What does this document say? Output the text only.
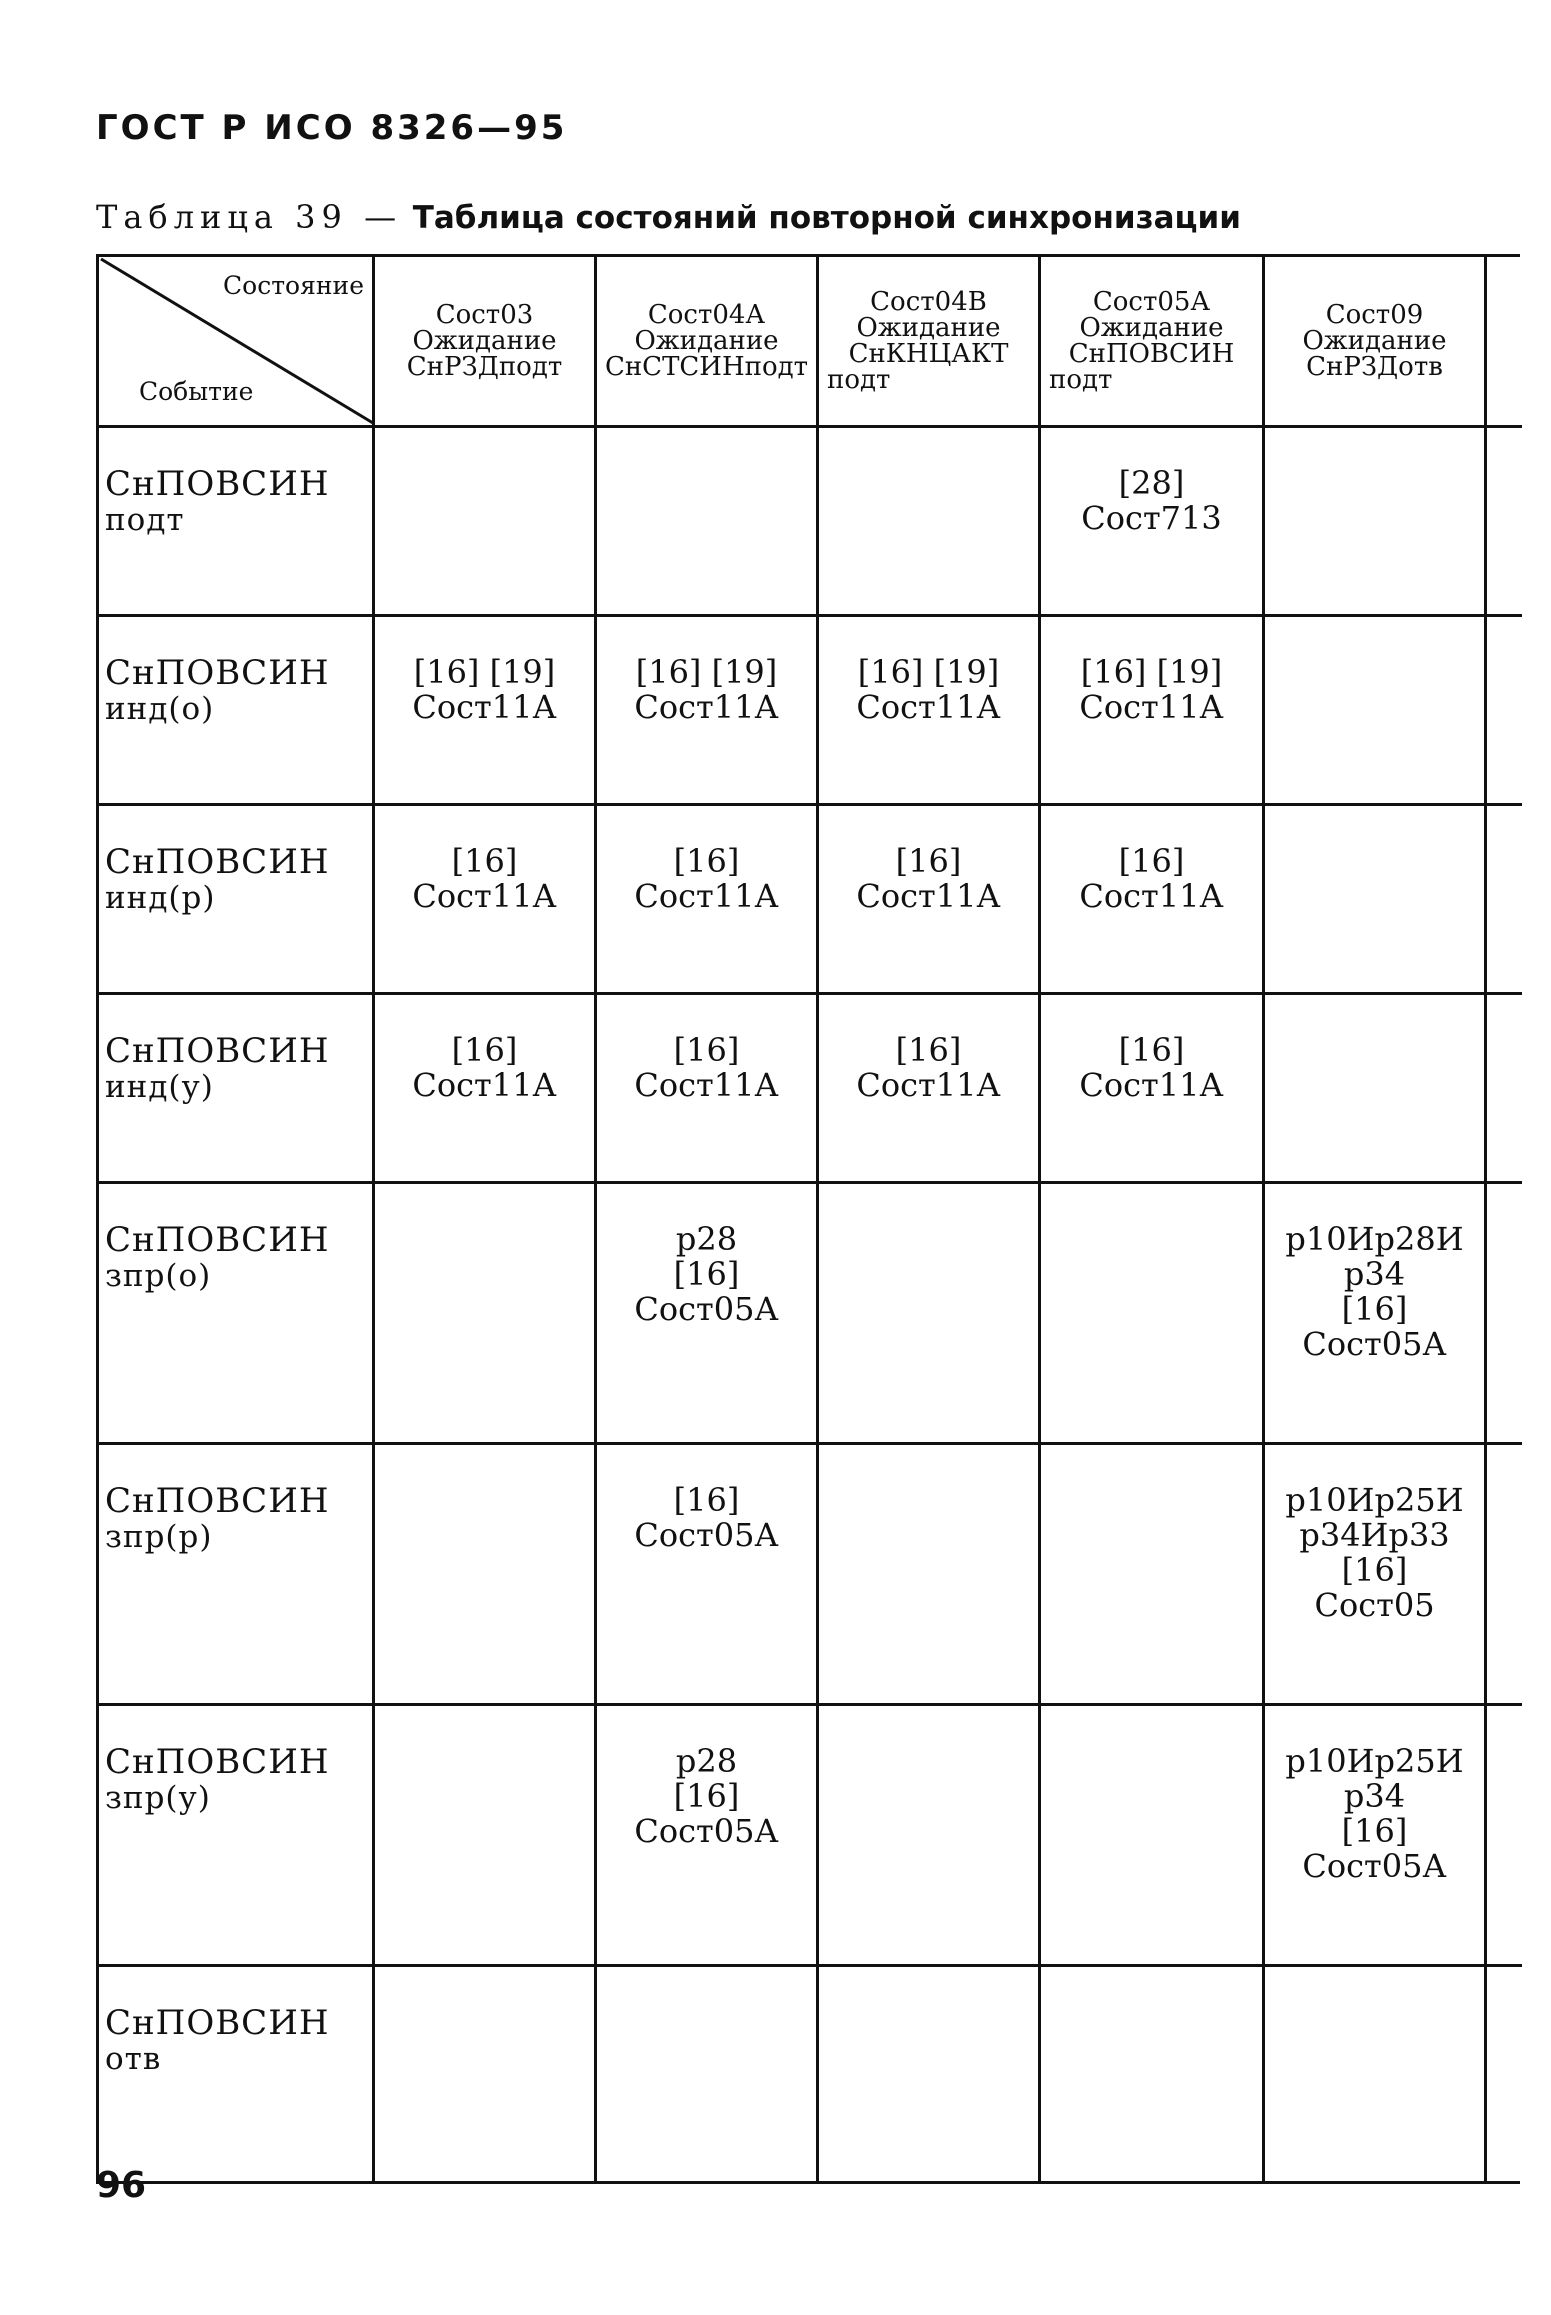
ГОСТ Р ИСО 8326—95
Таблица 39 — Таблица состояний повторной синхронизации
Состояние
Событие	Сост03
Ожидание
СнРЗДподт	Сост04А
Ожидание
СнСТСИНподт	Сост04В
Ожидание
СнКНЦАКТ
подт	Сост05А
Ожидание
СнПОВСИН
подт	Сост09
Ожидание
СнРЗДотв	

СнПОВСИН
подт				[28]
Сост713		

СнПОВСИН
инд(о)	[16] [19]
Сост11А	[16] [19]
Сост11А	[16] [19]
Сост11А	[16] [19]
Сост11А		

СнПОВСИН
инд(р)	[16]
Сост11А	[16]
Сост11А	[16]
Сост11А	[16]
Сост11А		

СнПОВСИН
инд(у)	[16]
Сост11А	[16]
Сост11А	[16]
Сост11А	[16]
Сост11А		

СнПОВСИН
зпр(о)		р28
[16]
Сост05А			р10Ир28И
р34
[16]
Сост05А	

СнПОВСИН
зпр(р)		[16]
Сост05А			р10Ир25И
р34Ир33
[16]
Сост05	

СнПОВСИН
зпр(у)		р28
[16]
Сост05А			р10Ир25И
р34
[16]
Сост05А	

СнПОВСИН
отв						

96
